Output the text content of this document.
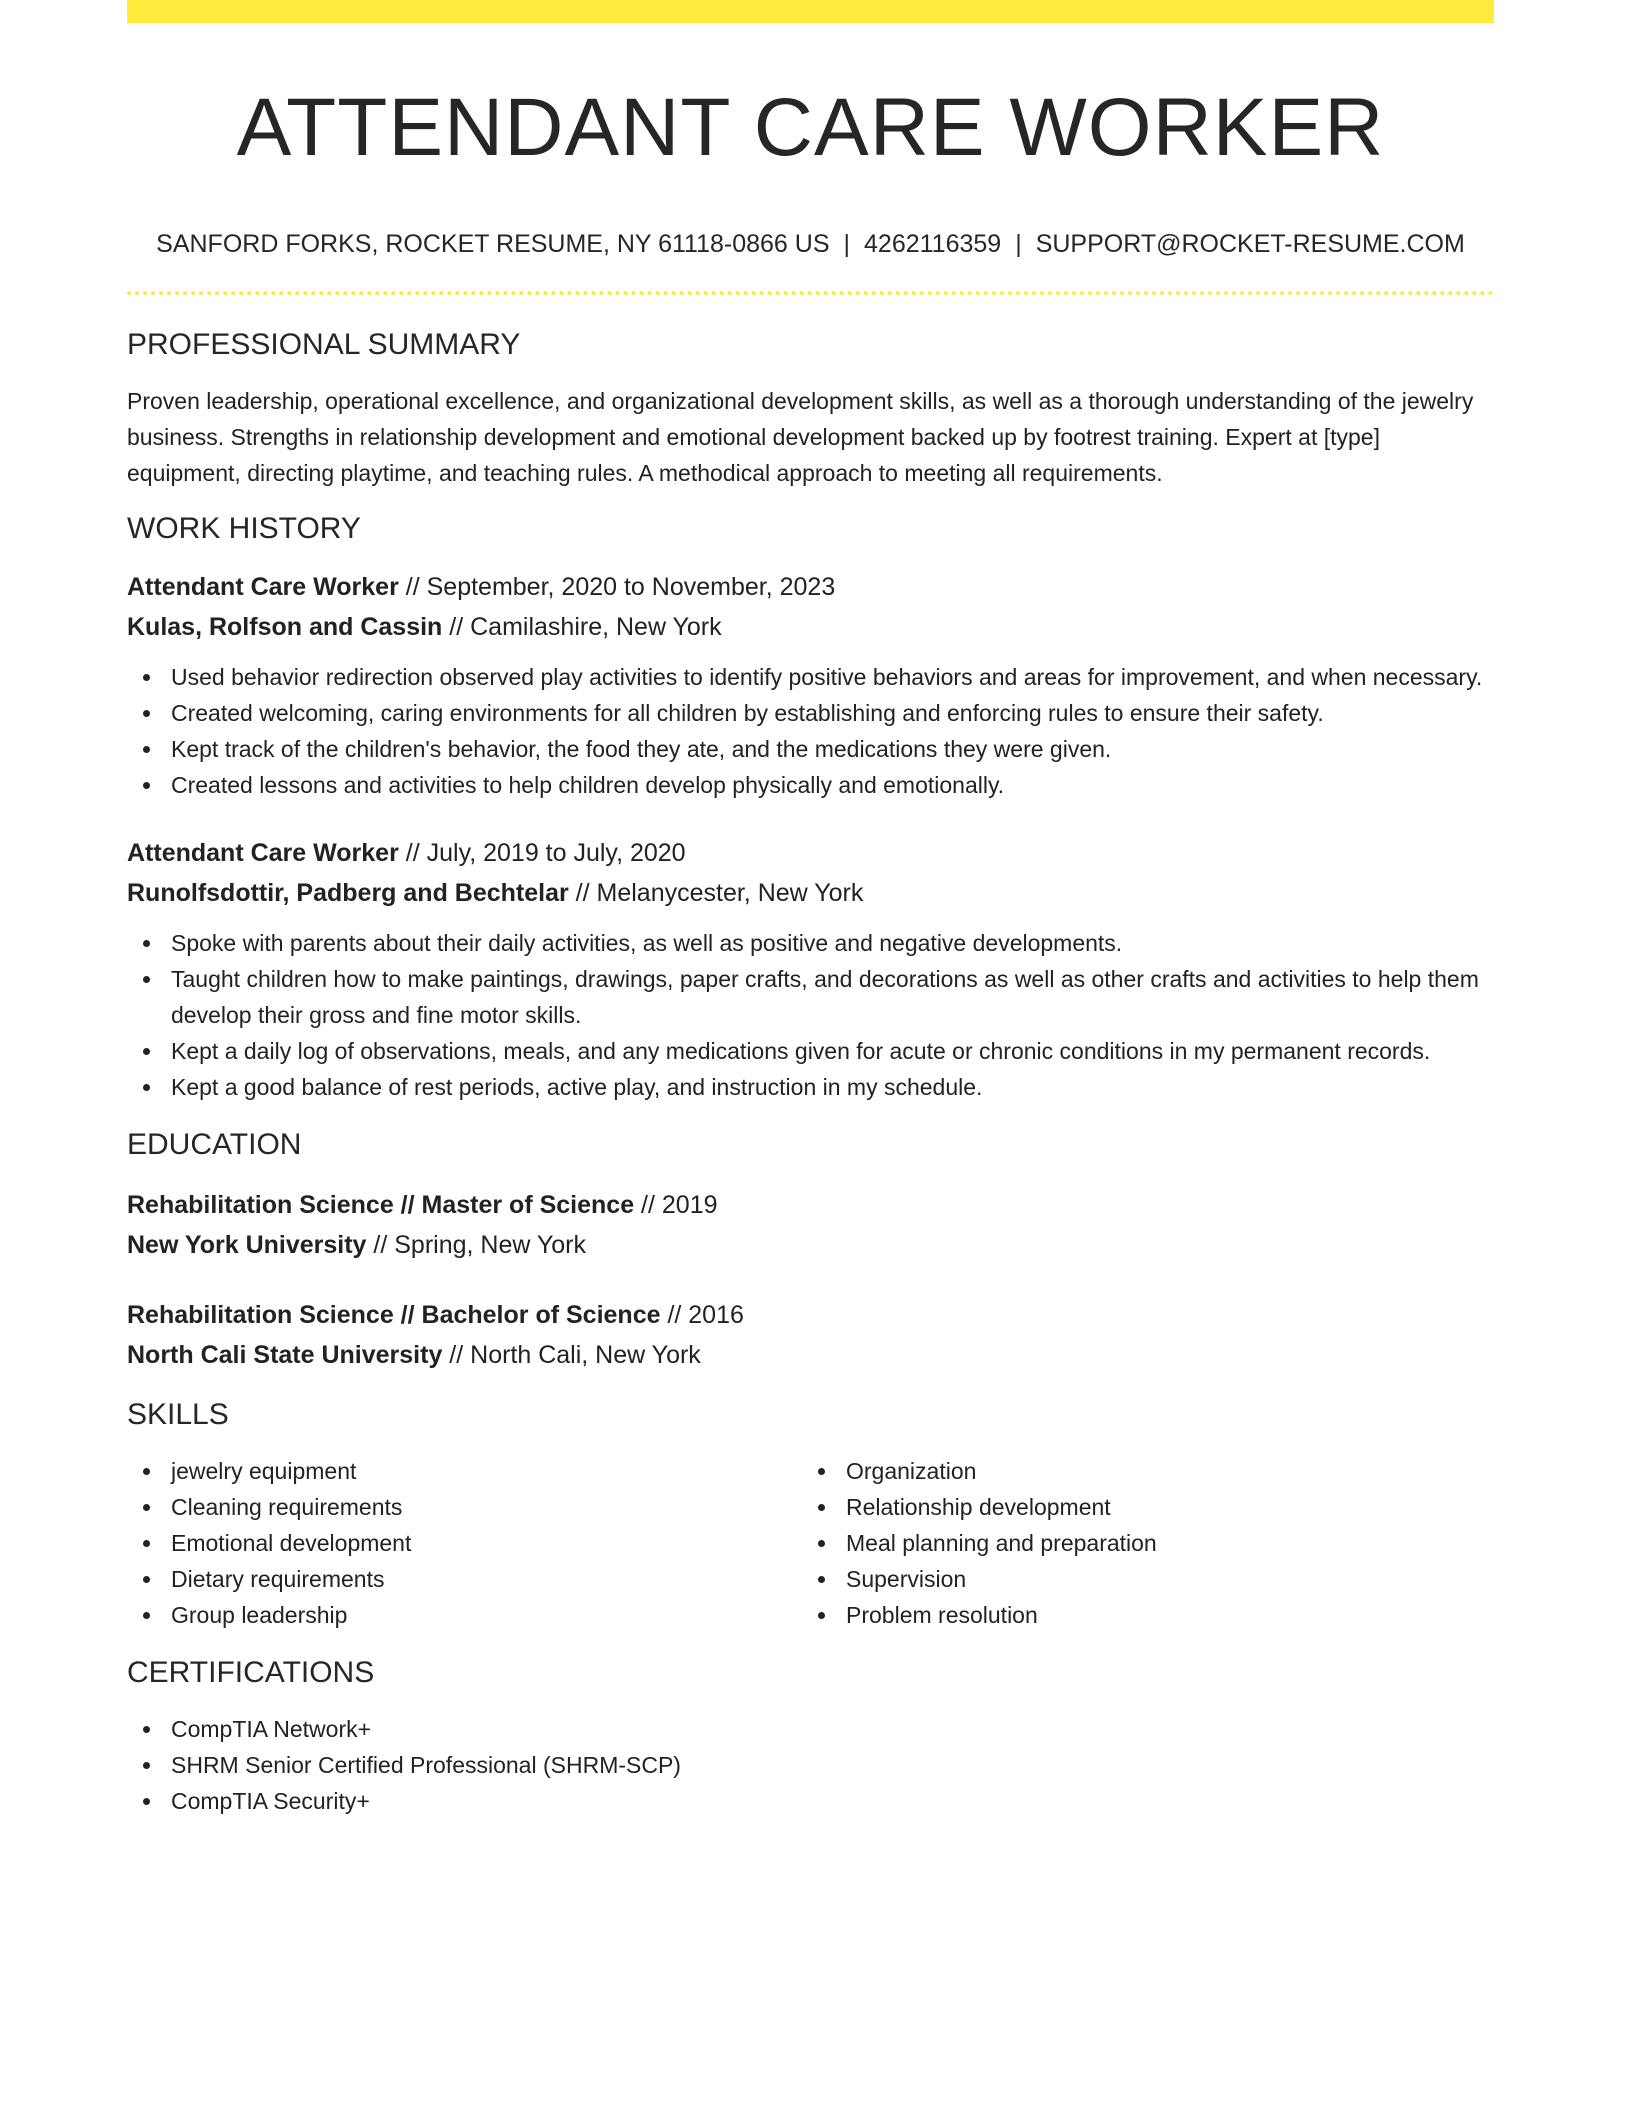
ATTENDANT CARE WORKER
SANFORD FORKS, ROCKET RESUME, NY 61118-0866 US | 4262116359 | SUPPORT@ROCKET-RESUME.COM
PROFESSIONAL SUMMARY

Proven leadership, operational excellence, and organizational development skills, as well as a thorough understanding of the jewelry business. Strengths in relationship development and emotional development backed up by footrest training. Expert at [type] equipment, directing playtime, and teaching rules. A methodical approach to meeting all requirements.

WORK HISTORY
Attendant Care Worker // September, 2020 to November, 2023
Kulas, Rolfson and Cassin // Camilashire, New York
Used behavior redirection observed play activities to identify positive behaviors and areas for improvement, and when necessary.
Created welcoming, caring environments for all children by establishing and enforcing rules to ensure their safety.
Kept track of the children's behavior, the food they ate, and the medications they were given.
Created lessons and activities to help children develop physically and emotionally.
Attendant Care Worker // July, 2019 to July, 2020
Runolfsdottir, Padberg and Bechtelar // Melanycester, New York
Spoke with parents about their daily activities, as well as positive and negative developments.
Taught children how to make paintings, drawings, paper crafts, and decorations as well as other crafts and activities to help them develop their gross and fine motor skills.
Kept a daily log of observations, meals, and any medications given for acute or chronic conditions in my permanent records.
Kept a good balance of rest periods, active play, and instruction in my schedule.
EDUCATION
Rehabilitation Science // Master of Science // 2019
New York University // Spring, New York
Rehabilitation Science // Bachelor of Science // 2016
North Cali State University // North Cali, New York
SKILLS
jewelry equipment
Cleaning requirements
Emotional development
Dietary requirements
Group leadership
Organization
Relationship development
Meal planning and preparation
Supervision
Problem resolution
CERTIFICATIONS
CompTIA Network+
SHRM Senior Certified Professional (SHRM-SCP)
CompTIA Security+
